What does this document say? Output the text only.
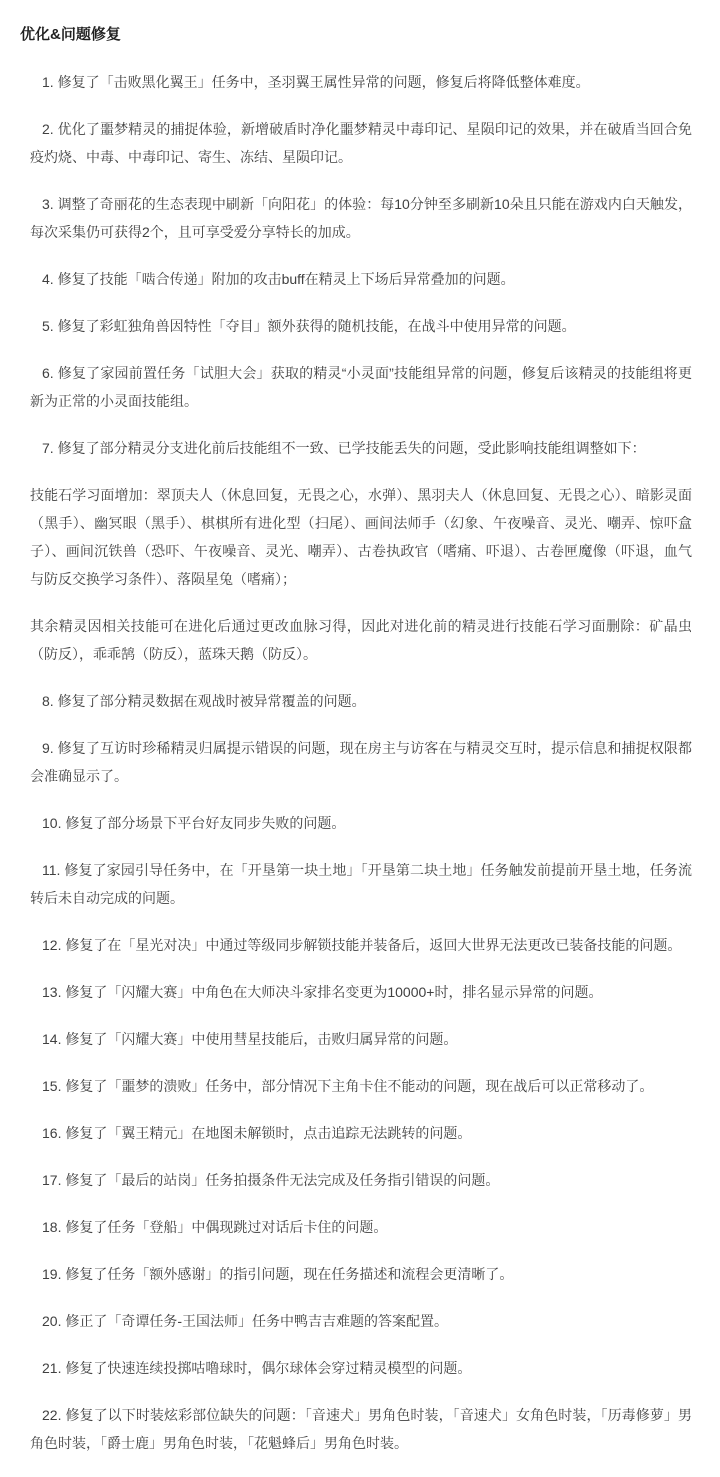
优化&问题修复

1. 修复了「击败黑化翼王」任务中，圣羽翼王属性异常的问题，修复后将降低整体难度。

2. 优化了噩梦精灵的捕捉体验，新增破盾时净化噩梦精灵中毒印记、星陨印记的效果，并在破盾当回合免疫灼烧、中毒、中毒印记、寄生、冻结、星陨印记。

3. 调整了奇丽花的生态表现中刷新「向阳花」的体验：每10分钟至多刷新10朵且只能在游戏内白天触发，每次采集仍可获得2个，且可享受爱分享特长的加成。

4. 修复了技能「啮合传递」附加的攻击buff在精灵上下场后异常叠加的问题。

5. 修复了彩虹独角兽因特性「夺目」额外获得的随机技能，在战斗中使用异常的问题。

6. 修复了家园前置任务「试胆大会」获取的精灵“小灵面”技能组异常的问题，修复后该精灵的技能组将更新为正常的小灵面技能组。

7. 修复了部分精灵分支进化前后技能组不一致、已学技能丢失的问题，受此影响技能组调整如下：

技能石学习面增加：翠顶夫人（休息回复，无畏之心，水弹）、黑羽夫人（休息回复、无畏之心）、暗影灵面（黑手）、幽冥眼（黑手）、棋棋所有进化型（扫尾）、画间法师手（幻象、午夜噪音、灵光、嘲弄、惊吓盒子）、画间沉铁兽（恐吓、午夜噪音、灵光、嘲弄）、古卷执政官（嗜痛、吓退）、古卷匣魔像（吓退，血气与防反交换学习条件）、落陨星兔（嗜痛）；

其余精灵因相关技能可在进化后通过更改血脉习得，因此对进化前的精灵进行技能石学习面删除：矿晶虫（防反），乖乖鹄（防反），蓝珠天鹅（防反）。

8. 修复了部分精灵数据在观战时被异常覆盖的问题。

9. 修复了互访时珍稀精灵归属提示错误的问题，现在房主与访客在与精灵交互时，提示信息和捕捉权限都会准确显示了。

10. 修复了部分场景下平台好友同步失败的问题。

11. 修复了家园引导任务中，在「开垦第一块土地」「开垦第二块土地」任务触发前提前开垦土地，任务流转后未自动完成的问题。

12. 修复了在「星光对决」中通过等级同步解锁技能并装备后，返回大世界无法更改已装备技能的问题。

13. 修复了「闪耀大赛」中角色在大师决斗家排名变更为10000+时，排名显示异常的问题。

14. 修复了「闪耀大赛」中使用彗星技能后，击败归属异常的问题。

15. 修复了「噩梦的溃败」任务中，部分情况下主角卡住不能动的问题，现在战后可以正常移动了。

16. 修复了「翼王精元」在地图未解锁时，点击追踪无法跳转的问题。

17. 修复了「最后的站岗」任务拍摄条件无法完成及任务指引错误的问题。

18. 修复了任务「登船」中偶现跳过对话后卡住的问题。

19. 修复了任务「额外感谢」的指引问题，现在任务描述和流程会更清晰了。

20. 修正了「奇谭任务-王国法师」任务中鸭吉吉难题的答案配置。

21. 修复了快速连续投掷咕噜球时，偶尔球体会穿过精灵模型的问题。

22. 修复了以下时装炫彩部位缺失的问题：「音速犬」男角色时装，「音速犬」女角色时装，「历毒修萝」男角色时装，「爵士鹿」男角色时装，「花魁蜂后」男角色时装。
